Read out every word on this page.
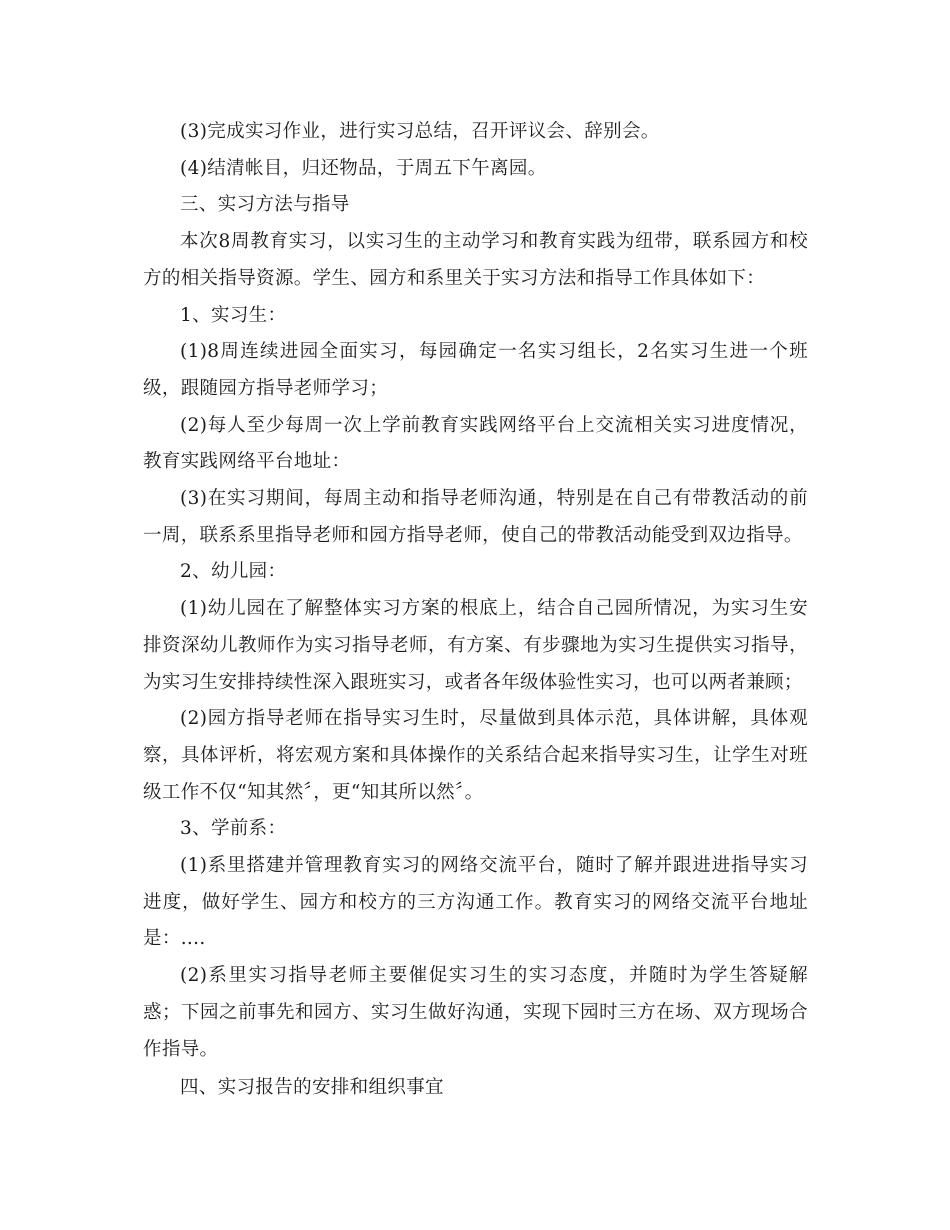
(3)完成实习作业，进行实习总结，召开评议会、辞别会。

(4)结清帐目，归还物品，于周五下午离园。

三、实习方法与指导

本次8周教育实习，以实习生的主动学习和教育实践为纽带，联系园方和校方的相关指导资源。学生、园方和系里关于实习方法和指导工作具体如下：

1、实习生：

(1)8周连续进园全面实习，每园确定一名实习组长，2名实习生进一个班级，跟随园方指导老师学习；

(2)每人至少每周一次上学前教育实践网络平台上交流相关实习进度情况，教育实践网络平台地址：

(3)在实习期间，每周主动和指导老师沟通，特别是在自己有带教活动的前一周，联系系里指导老师和园方指导老师，使自己的带教活动能受到双边指导。

2、幼儿园：

(1)幼儿园在了解整体实习方案的根底上，结合自己园所情况，为实习生安排资深幼儿教师作为实习指导老师，有方案、有步骤地为实习生提供实习指导，为实习生安排持续性深入跟班实习，或者各年级体验性实习，也可以两者兼顾；

(2)园方指导老师在指导实习生时，尽量做到具体示范，具体讲解，具体观察，具体评析，将宏观方案和具体操作的关系结合起来指导实习生，让学生对班级工作不仅“知其然〞，更“知其所以然〞。

3、学前系：

(1)系里搭建并管理教育实习的网络交流平台，随时了解并跟进进指导实习进度，做好学生、园方和校方的三方沟通工作。教育实习的网络交流平台地址是：....

(2)系里实习指导老师主要催促实习生的实习态度，并随时为学生答疑解惑；下园之前事先和园方、实习生做好沟通，实现下园时三方在场、双方现场合作指导。

四、实习报告的安排和组织事宜
